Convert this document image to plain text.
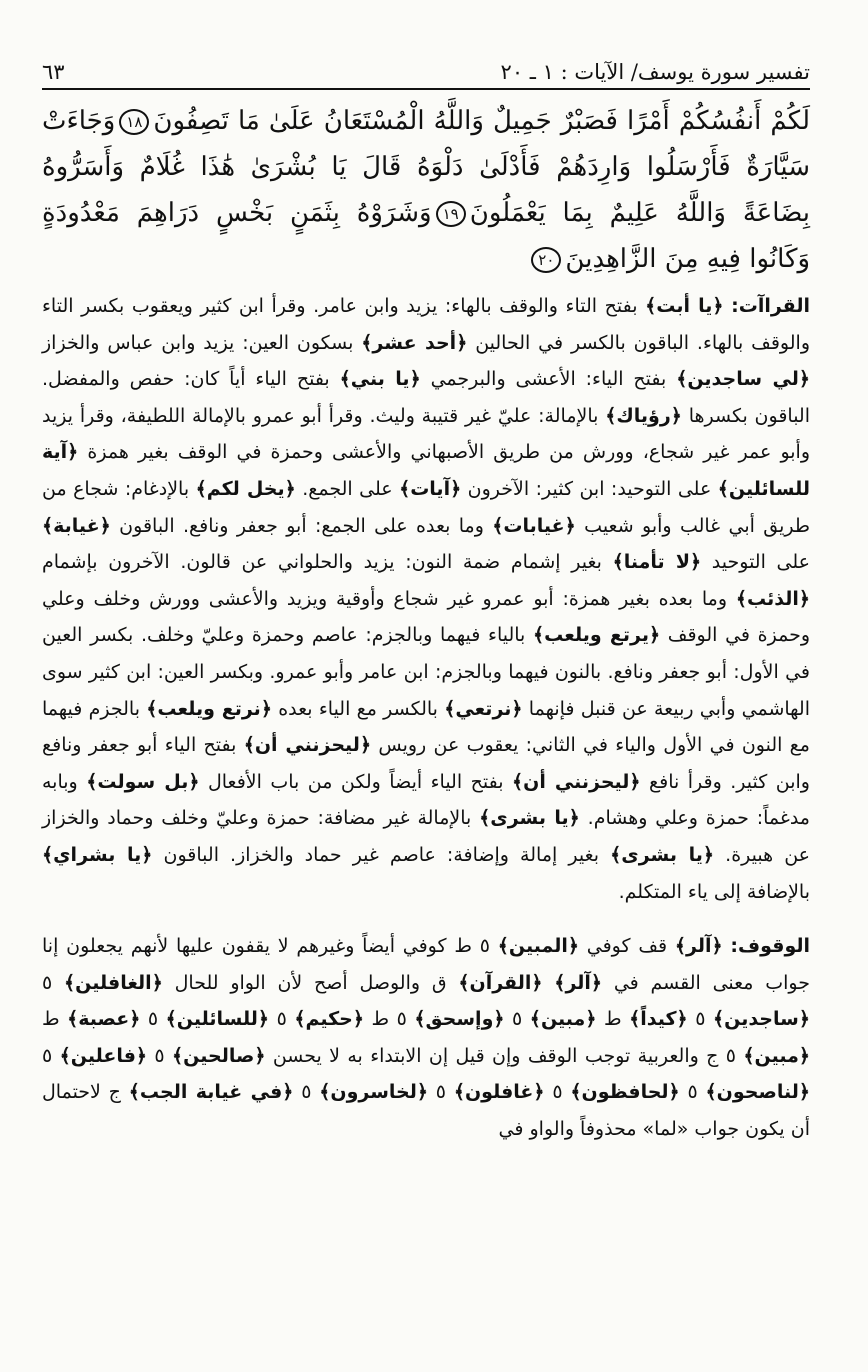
تفسير سورة يوسف/ الآيات : ١ ـ ٢٠
٦٣
لَكُمْ أَنفُسُكُمْ أَمْرًا فَصَبْرٌ جَمِيلٌ وَاللَّهُ الْمُسْتَعَانُ عَلَىٰ مَا تَصِفُونَ١٨وَجَاءَتْ سَيَّارَةٌ فَأَرْسَلُوا وَارِدَهُمْ فَأَدْلَىٰ دَلْوَهُ قَالَ يَا بُشْرَىٰ هَٰذَا غُلَامٌ وَأَسَرُّوهُ بِضَاعَةً وَاللَّهُ عَلِيمٌ بِمَا يَعْمَلُونَ١٩وَشَرَوْهُ بِثَمَنٍ بَخْسٍ دَرَاهِمَ مَعْدُودَةٍ وَكَانُوا فِيهِ مِنَ الزَّاهِدِينَ٢٠

القراآت: ﴿يا أبت﴾ بفتح التاء والوقف بالهاء: يزيد وابن عامر. وقرأ ابن كثير ويعقوب بكسر التاء والوقف بالهاء. الباقون بالكسر في الحالين ﴿أحد عشر﴾ بسكون العين: يزيد وابن عباس والخزاز ﴿لي ساجدين﴾ بفتح الياء: الأعشى والبرجمي ﴿يا بني﴾ بفتح الياء أياً كان: حفص والمفضل. الباقون بكسرها ﴿رؤياك﴾ بالإمالة: عليّ غير قتيبة وليث. وقرأ أبو عمرو بالإمالة اللطيفة، وقرأ يزيد وأبو عمر غير شجاع، وورش من طريق الأصبهاني والأعشى وحمزة في الوقف بغير همزة ﴿آية للسائلين﴾ على التوحيد: ابن كثير: الآخرون ﴿آيات﴾ على الجمع. ﴿يخل لكم﴾ بالإدغام: شجاع من طريق أبي غالب وأبو شعيب ﴿غيابات﴾ وما بعده على الجمع: أبو جعفر ونافع. الباقون ﴿غيابة﴾ على التوحيد ﴿لا تأمنا﴾ بغير إشمام ضمة النون: يزيد والحلواني عن قالون. الآخرون بإشمام ﴿الذئب﴾ وما بعده بغير همزة: أبو عمرو غير شجاع وأوقية ويزيد والأعشى وورش وخلف وعلي وحمزة في الوقف ﴿يرتع ويلعب﴾ بالياء فيهما وبالجزم: عاصم وحمزة وعليّ وخلف. بكسر العين في الأول: أبو جعفر ونافع. بالنون فيهما وبالجزم: ابن عامر وأبو عمرو. وبكسر العين: ابن كثير سوى الهاشمي وأبي ربيعة عن قنبل فإنهما ﴿نرتعي﴾ بالكسر مع الياء بعده ﴿نرتع ويلعب﴾ بالجزم فيهما مع النون في الأول والياء في الثاني: يعقوب عن رويس ﴿ليحزنني أن﴾ بفتح الياء أبو جعفر ونافع وابن كثير. وقرأ نافع ﴿ليحزنني أن﴾ بفتح الياء أيضاً ولكن من باب الأفعال ﴿بل سولت﴾ وبابه مدغماً: حمزة وعلي وهشام. ﴿يا بشرى﴾ بالإمالة غير مضافة: حمزة وعليّ وخلف وحماد والخزاز عن هبيرة. ﴿يا بشرى﴾ بغير إمالة وإضافة: عاصم غير حماد والخزاز. الباقون ﴿يا بشراي﴾ بالإضافة إلى ياء المتكلم.

الوقوف: ﴿آلر﴾ قف كوفي ﴿المبين﴾ ٥ ط كوفي أيضاً وغيرهم لا يقفون عليها لأنهم يجعلون إنا جواب معنى القسم في ﴿آلر﴾ ﴿القرآن﴾ ق والوصل أصح لأن الواو للحال ﴿الغافلين﴾ ٥ ﴿ساجدين﴾ ٥ ﴿كيداً﴾ ط ﴿مبين﴾ ٥ ﴿وإسحق﴾ ٥ ط ﴿حكيم﴾ ٥ ﴿للسائلين﴾ ٥ ﴿عصبة﴾ ط ﴿مبين﴾ ٥ ج والعربية توجب الوقف وإن قيل إن الابتداء به لا يحسن ﴿صالحين﴾ ٥ ﴿فاعلين﴾ ٥ ﴿لناصحون﴾ ٥ ﴿لحافظون﴾ ٥ ﴿غافلون﴾ ٥ ﴿لخاسرون﴾ ٥ ﴿في غيابة الجب﴾ ج لاحتمال أن يكون جواب «لما» محذوفاً والواو في
